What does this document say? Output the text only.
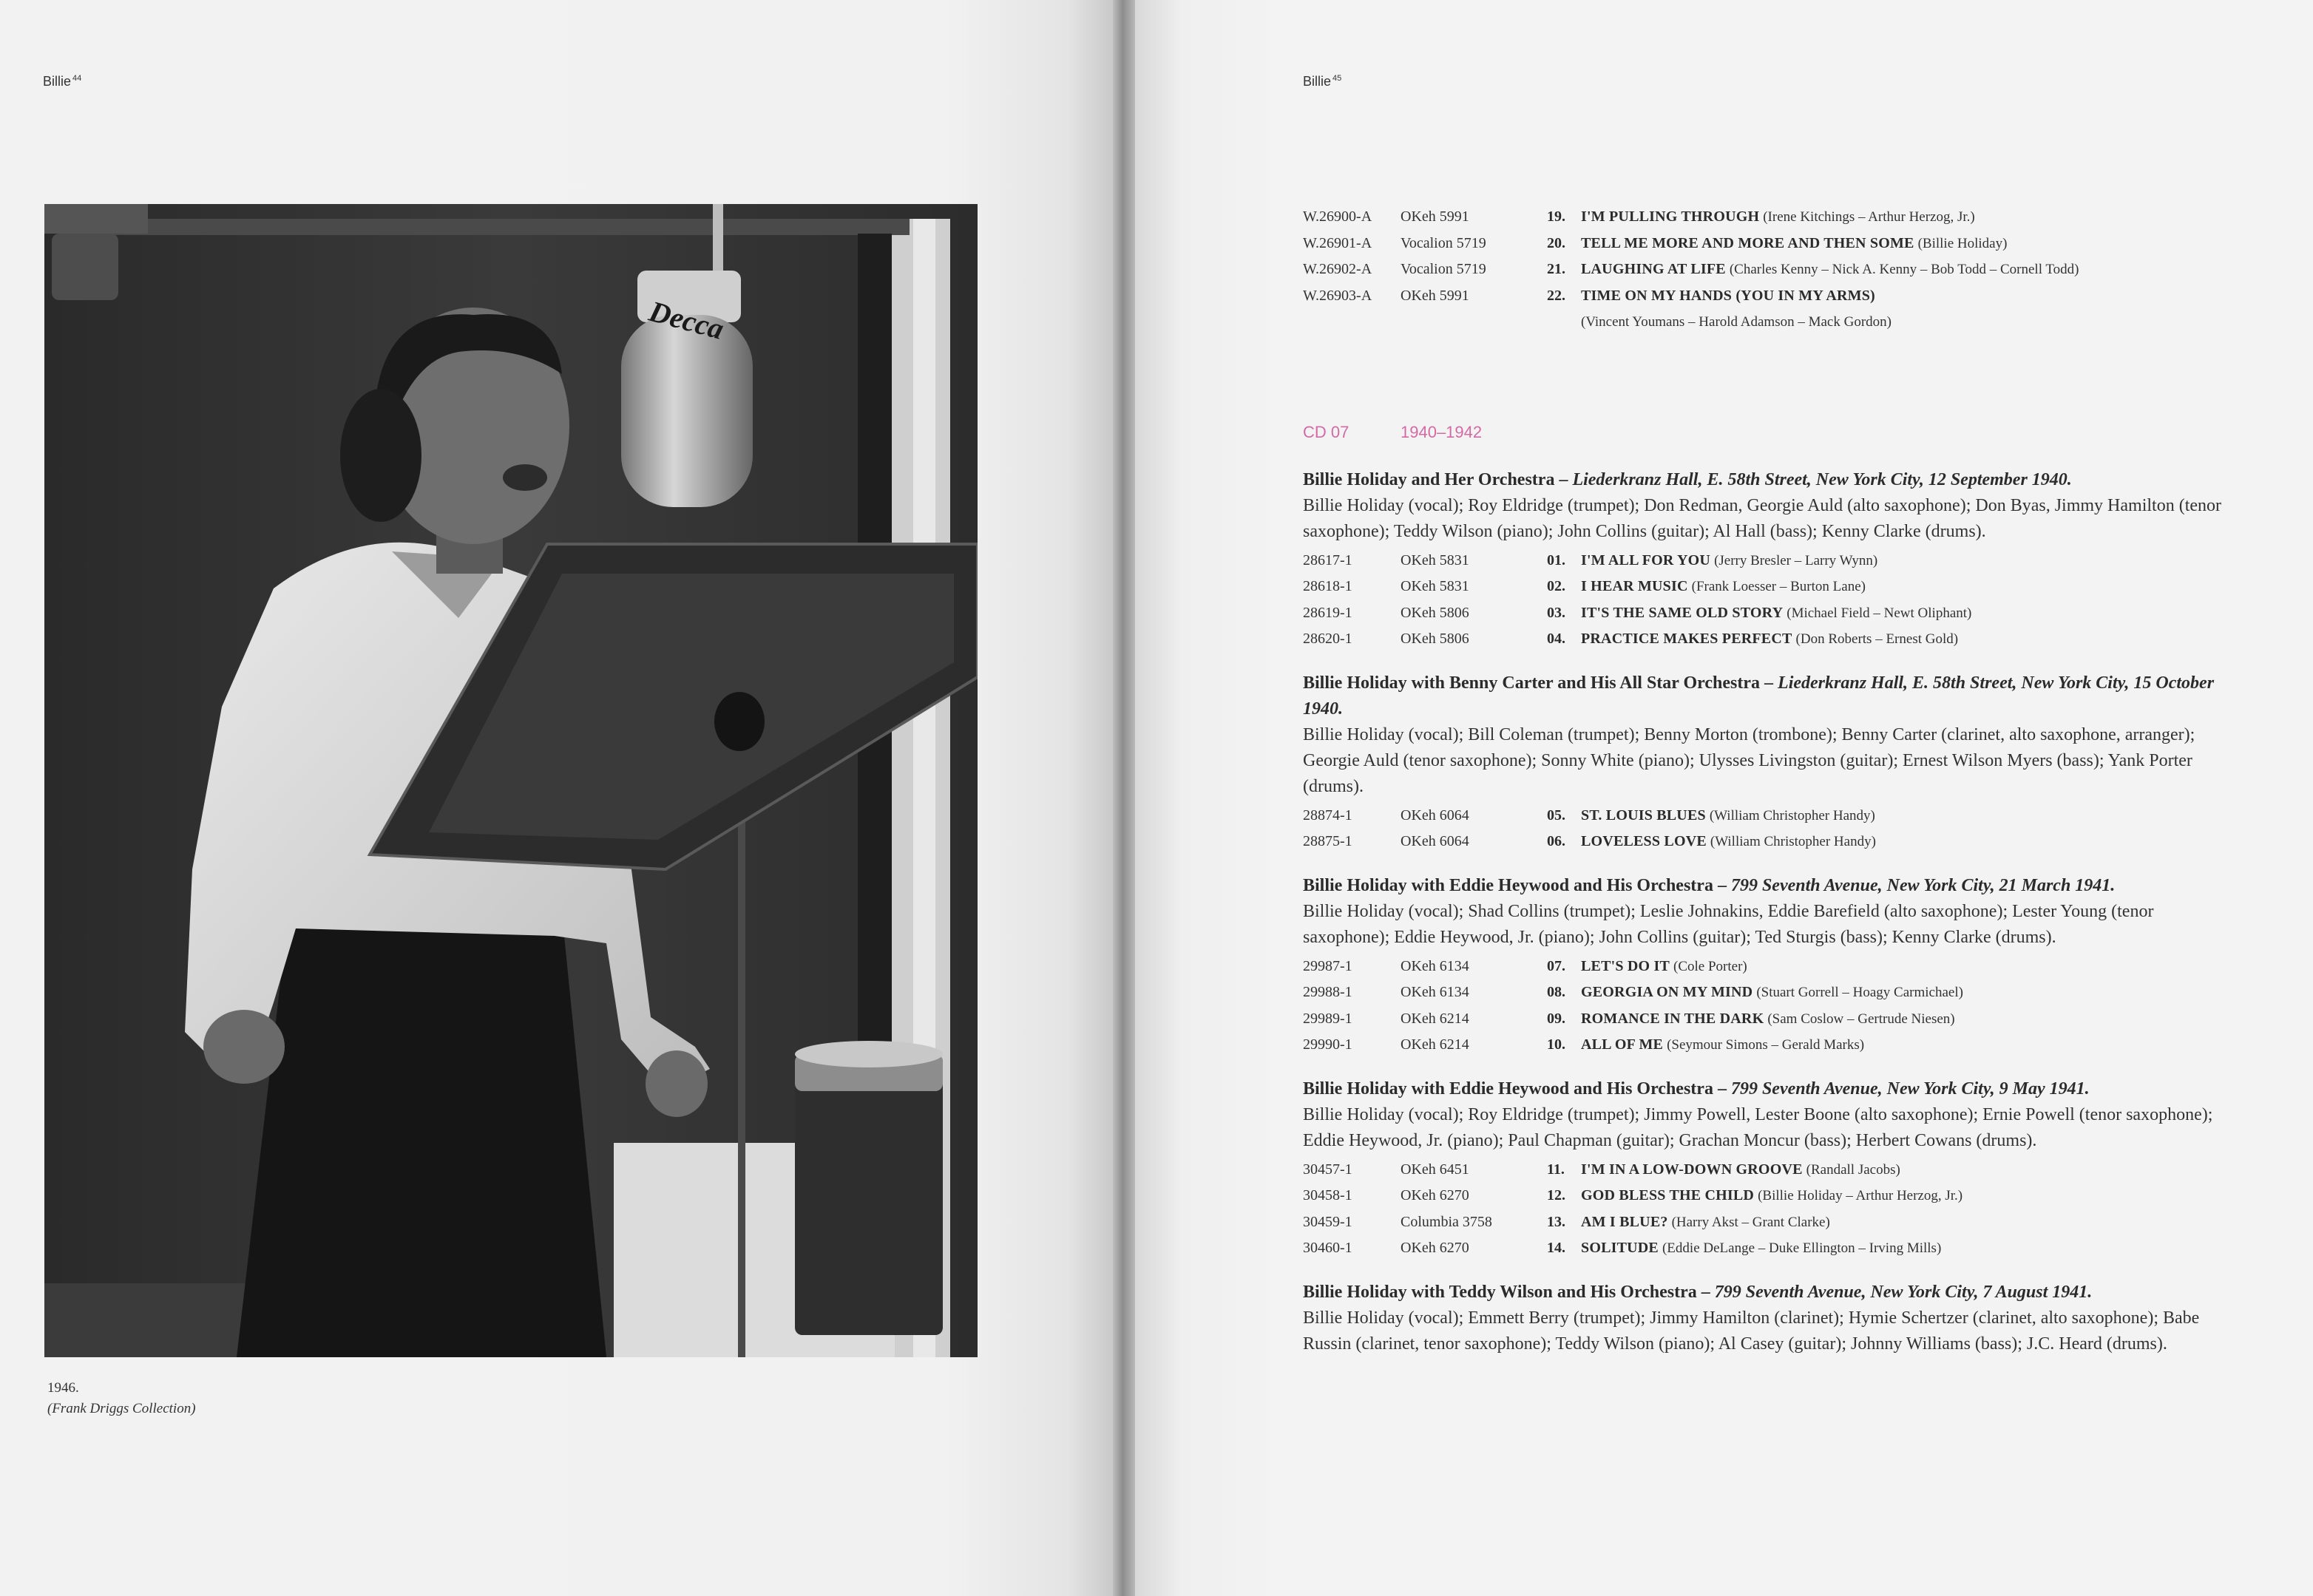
Billie $^{44}$
Decca
1946.
(Frank Driggs Collection)
Billie $^{45}$
W.26900-A OKeh 5991	19. I'M PULLING THROUGH (Irene Kitchings – Arthur Herzog, Jr.)
W.26901-A Vocalion 5719	20. TELL ME MORE AND MORE AND THEN SOME (Billie Holiday)
W.26902-A Vocalion 5719	21. LAUGHING AT LIFE (Charles Kenny – Nick A. Kenny – Bob Todd – Cornell Todd)
W.26903-A OKeh 5991	22. TIME ON MY HANDS (YOU IN MY ARMS)
(Vincent Youmans – Harold Adamson – Mack Gordon)
CD 07	1940–1942
Billie Holiday and Her Orchestra – Liederkranz Hall, E. 58th Street, New York City, 12 September 1940.
Billie Holiday (vocal); Roy Eldridge (trumpet); Don Redman, Georgie Auld (alto saxophone); Don Byas, Jimmy Hamilton (tenor saxophone); Teddy Wilson (piano); John Collins (guitar); Al Hall (bass); Kenny Clarke (drums).
28617-1	OKeh 5831	01. I'M ALL FOR YOU (Jerry Bresler – Larry Wynn)
28618-1	OKeh 5831	02. I HEAR MUSIC (Frank Loesser – Burton Lane)
28619-1	OKeh 5806	03. IT'S THE SAME OLD STORY (Michael Field – Newt Oliphant)
28620-1	OKeh 5806	04. PRACTICE MAKES PERFECT (Don Roberts – Ernest Gold)
Billie Holiday with Benny Carter and His All Star Orchestra – Liederkranz Hall, E. 58th Street, New York City, 15 October 1940.
Billie Holiday (vocal); Bill Coleman (trumpet); Benny Morton (trombone); Benny Carter (clarinet, alto saxophone, arranger); Georgie Auld (tenor saxophone); Sonny White (piano); Ulysses Livingston (guitar); Ernest Wilson Myers (bass); Yank Porter (drums).
28874-1	OKeh 6064	05. ST. LOUIS BLUES (William Christopher Handy)
28875-1	OKeh 6064	06. LOVELESS LOVE (William Christopher Handy)
Billie Holiday with Eddie Heywood and His Orchestra – 799 Seventh Avenue, New York City, 21 March 1941.
Billie Holiday (vocal); Shad Collins (trumpet); Leslie Johnakins, Eddie Barefield (alto saxophone); Lester Young (tenor saxophone); Eddie Heywood, Jr. (piano); John Collins (guitar); Ted Sturgis (bass); Kenny Clarke (drums).
29987-1	OKeh 6134	07. LET'S DO IT (Cole Porter)
29988-1	OKeh 6134	08. GEORGIA ON MY MIND (Stuart Gorrell – Hoagy Carmichael)
29989-1	OKeh 6214	09. ROMANCE IN THE DARK (Sam Coslow – Gertrude Niesen)
29990-1	OKeh 6214	10. ALL OF ME (Seymour Simons – Gerald Marks)
Billie Holiday with Eddie Heywood and His Orchestra – 799 Seventh Avenue, New York City, 9 May 1941.
Billie Holiday (vocal); Roy Eldridge (trumpet); Jimmy Powell, Lester Boone (alto saxophone); Ernie Powell (tenor saxophone); Eddie Heywood, Jr. (piano); Paul Chapman (guitar); Grachan Moncur (bass); Herbert Cowans (drums).
30457-1	OKeh 6451	11. I'M IN A LOW-DOWN GROOVE (Randall Jacobs)
30458-1	OKeh 6270	12. GOD BLESS THE CHILD (Billie Holiday – Arthur Herzog, Jr.)
30459-1	Columbia 3758	13. AM I BLUE? (Harry Akst – Grant Clarke)
30460-1	OKeh 6270	14. SOLITUDE (Eddie DeLange – Duke Ellington – Irving Mills)
Billie Holiday with Teddy Wilson and His Orchestra – 799 Seventh Avenue, New York City, 7 August 1941.
Billie Holiday (vocal); Emmett Berry (trumpet); Jimmy Hamilton (clarinet); Hymie Schertzer (clarinet, alto saxophone); Babe Russin (clarinet, tenor saxophone); Teddy Wilson (piano); Al Casey (guitar); Johnny Williams (bass); J.C. Heard (drums).
